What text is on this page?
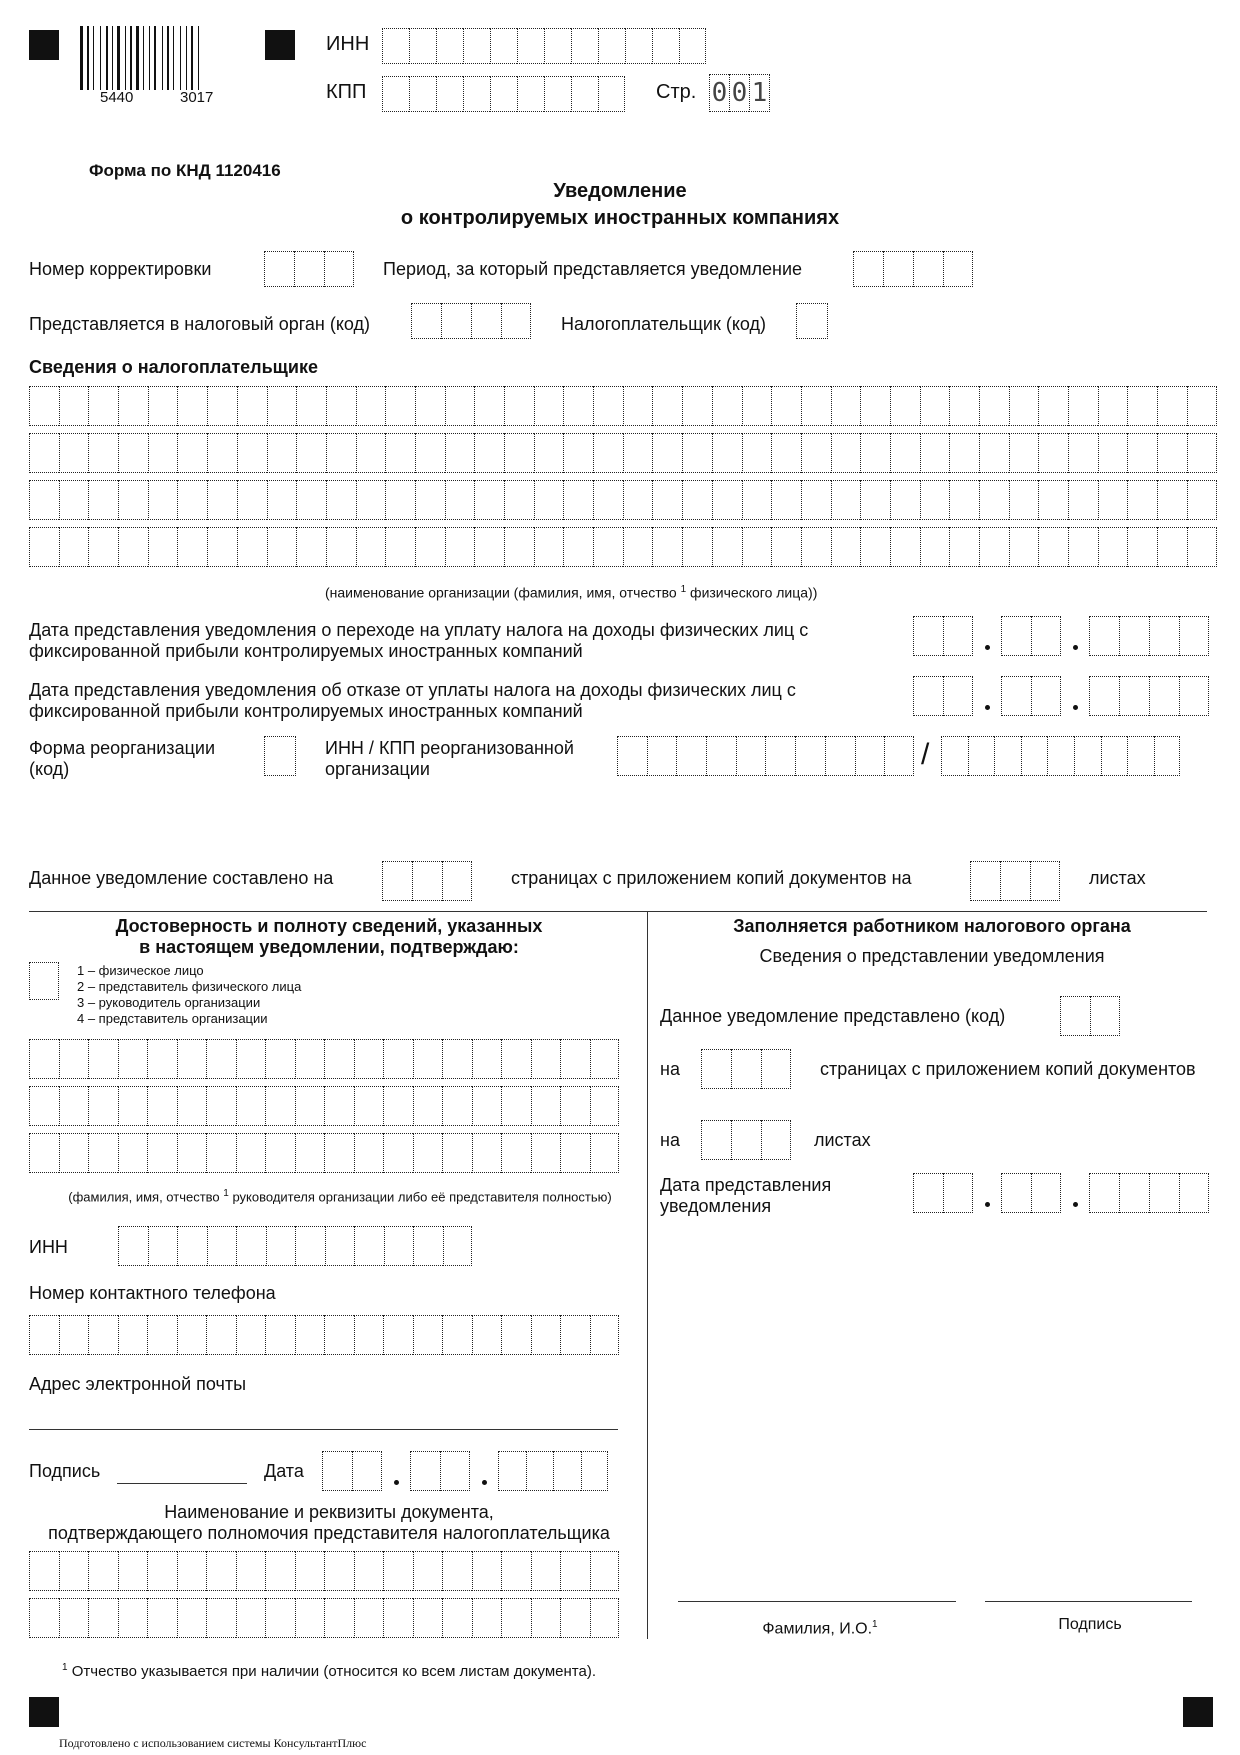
5440	3017
ИНН
КПП	Стр. 0 0 1
Форма по КНД 1120416
Уведомление
о контролируемых иностранных компаниях
Номер корректировки	Период, за который представляется уведомление
Представляется в налоговый орган (код)	Налогоплательщик (код)
Сведения о налогоплательщике
(наименование организации (фамилия, имя, отчество $^1$ физического лица))
Дата представления уведомления о переходе на уплату налога на доходы физических лиц с фиксированной прибыли контролируемых иностранных компаний
Дата представления уведомления об отказе от уплаты налога на доходы физических лиц с фиксированной прибыли контролируемых иностранных компаний
Форма реорганизации (код)
ИНН / КПП реорганизованной организации	/
Данное уведомление составлено на	страницах с приложением копий документов на	листах
Достоверность и полноту сведений, указанных
в настоящем уведомлении, подтверждаю:
1 – физическое лицо
2 – представитель физического лица
3 – руководитель организации
4 – представитель организации
(фамилия, имя, отчество $^1$ руководителя организации либо её представителя полностью)
ИНН
Номер контактного телефона
Адрес электронной почты
Подпись	Дата
Наименование и реквизиты документа,
подтверждающего полномочия представителя налогоплательщика
Заполняется работником налогового органа
Сведения о представлении уведомления
Данное уведомление представлено (код)
на	страницах с приложением копий документов
на	листах
Дата представления уведомления
Фамилия, И.О.$^1$	Подпись
$^1$ Отчество указывается при наличии (относится ко всем листам документа).
Подготовлено с использованием системы КонсультантПлюс
